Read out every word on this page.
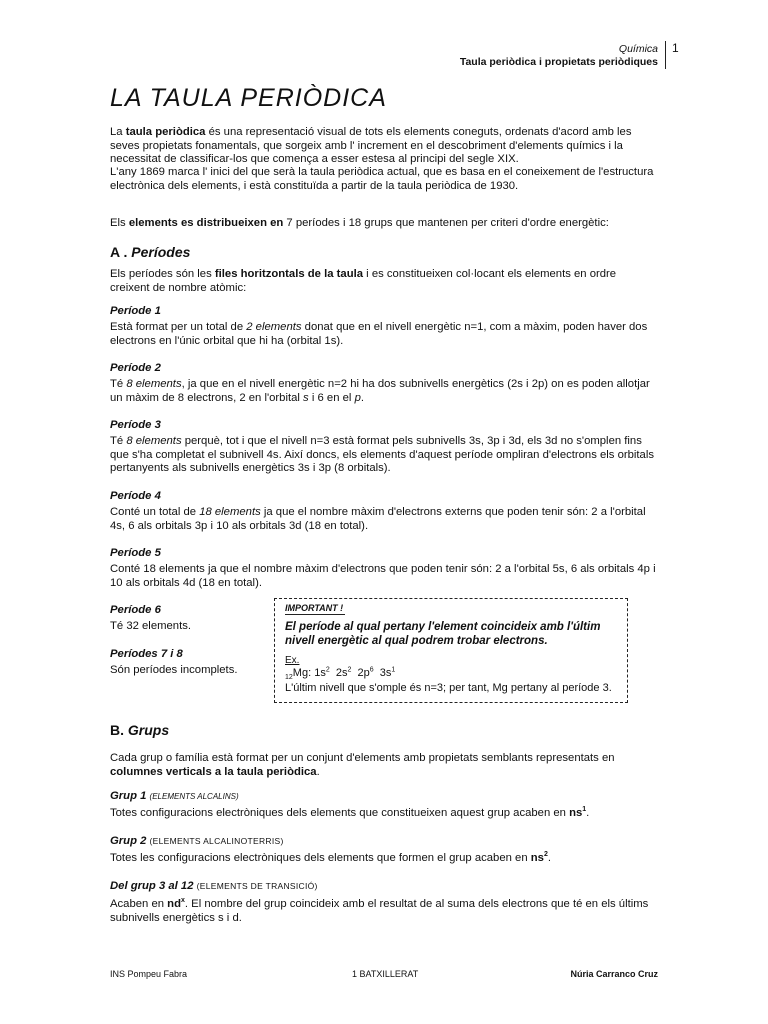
Química
Taula periòdica i propietats periòdiques
1
LA TAULA PERIÒDICA

La taula periòdica és una representació visual de tots els elements coneguts, ordenats d'acord amb les seves propietats fonamentals, que sorgeix amb l' increment en el descobriment d'elements químics i la necessitat de classificar-los que comença a esser estesa al principi del segle XIX.

L'any 1869 marca l' inici del que serà la taula periòdica actual, que es basa en el coneixement de l'estructura electrònica dels elements, i està constituïda a partir de la taula periòdica de 1930.

Els elements es distribueixen en 7 períodes i 18 grups que mantenen per criteri d'ordre energètic:

A . Períodes

Els períodes són les files horitzontals de la taula i es constitueixen col·locant els elements en ordre creixent de nombre atòmic:

Període 1

Està format per un total de 2 elements donat que en el nivell energètic n=1, com a màxim, poden haver dos electrons en l'únic orbital que hi ha (orbital 1s).

Període 2

Té 8 elements, ja que en el nivell energètic n=2 hi ha dos subnivells energètics (2s i 2p) on es poden allotjar un màxim de 8 electrons, 2 en l'orbital s i 6 en el p.

Període 3

Té 8 elements perquè, tot i que el nivell n=3 està format pels subnivells 3s, 3p i 3d, els 3d no s'omplen fins que s'ha completat el subnivell 4s. Així doncs, els elements d'aquest període ompliran d'electrons els orbitals pertanyents als subnivells energètics 3s i 3p (8 orbitals).

Període 4

Conté un total de 18 elements ja que el nombre màxim d'electrons externs que poden tenir són: 2 a l'orbital 4s, 6 als orbitals 3p i 10 als orbitals 3d (18 en total).

Període 5

Conté 18 elements ja que el nombre màxim d'electrons que poden tenir són: 2 a l'orbital 5s, 6 als orbitals 4p i 10 als orbitals 4d (18 en total).

Període 6

Té 32 elements.

Períodes 7 i 8

Són períodes incomplets.

IMPORTANT !
El període al qual pertany l'element coincideix amb l'últim nivell energètic al qual podrem trobar electrons.
Ex.
$_{12}$Mg: $1s^2$  $2s^2$  $2p^6$  $3s^1$
L'últim nivell que s'omple és n=3; per tant, Mg pertany al període 3.
B. Grups

Cada grup o família està format per un conjunt d'elements amb propietats semblants representats en columnes verticals a la taula periòdica.

Grup 1 (ELEMENTS ALCALINS)

Totes configuracions electròniques dels elements que constitueixen aquest grup acaben en $ns^1$.

Grup 2 (ELEMENTS ALCALINOTERRIS)

Totes les configuracions electròniques dels elements que formen el grup acaben en $ns^2$.

Del grup 3 al 12 (ELEMENTS DE TRANSICIÓ)

Acaben en $nd^x$. El nombre del grup coincideix amb el resultat de al suma dels electrons que té en els últims subnivells energètics s i d.

INS Pompeu Fabra	1 BATXILLERAT	Núria Carranco Cruz
